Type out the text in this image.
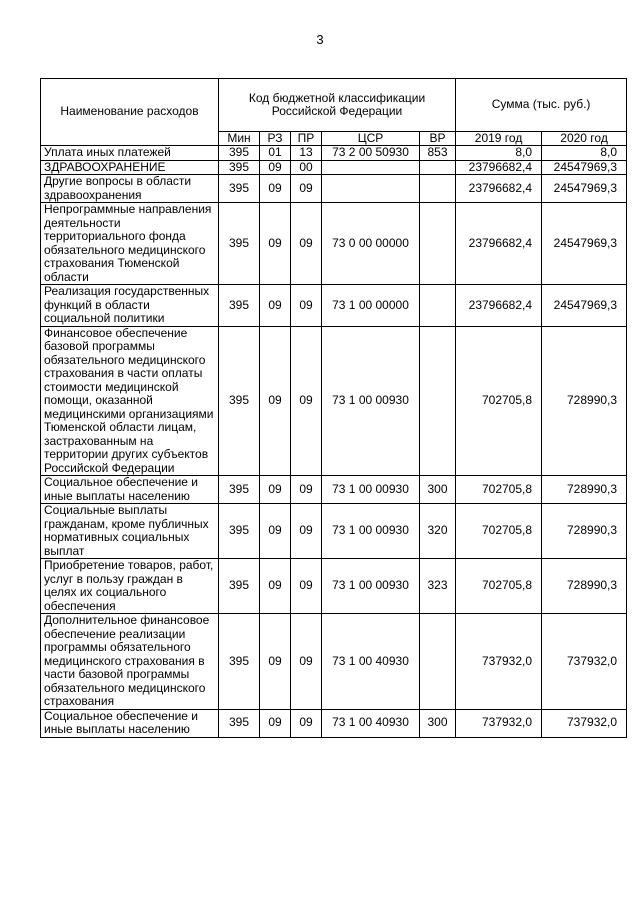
3
Наименование расходов	Код бюджетной классификации Российской Федерации					Сумма (тыс. руб.)	
	Мин	РЗ	ПР	ЦСР	ВР	2019 год	2020 год
Уплата иных платежей	395	01	13	73 2 00 50930	853	8,0	8,0
ЗДРАВООХРАНЕНИЕ	395	09	00			23796682,4	24547969,3
Другие вопросы в области здравоохранения	395	09	09			23796682,4	24547969,3
Непрограммные направления деятельности территориального фонда обязательного медицинского страхования Тюменской области	395	09	09	73 0 00 00000		23796682,4	24547969,3
Реализация государственных функций в области социальной политики	395	09	09	73 1 00 00000		23796682,4	24547969,3
Финансовое обеспечение базовой программы обязательного медицинского страхования в части оплаты стоимости медицинской помощи, оказанной медицинскими организациями Тюменской области лицам, застрахованным на территории других субъектов Российской Федерации	395	09	09	73 1 00 00930		702705,8	728990,3
Социальное обеспечение и иные выплаты населению	395	09	09	73 1 00 00930	300	702705,8	728990,3
Социальные выплаты гражданам, кроме публичных нормативных социальных выплат	395	09	09	73 1 00 00930	320	702705,8	728990,3
Приобретение товаров, работ, услуг в пользу граждан в целях их социального обеспечения	395	09	09	73 1 00 00930	323	702705,8	728990,3
Дополнительное финансовое обеспечение реализации программы обязательного медицинского страхования в части базовой программы обязательного медицинского страхования	395	09	09	73 1 00 40930		737932,0	737932,0
Социальное обеспечение и иные выплаты населению	395	09	09	73 1 00 40930	300	737932,0	737932,0
